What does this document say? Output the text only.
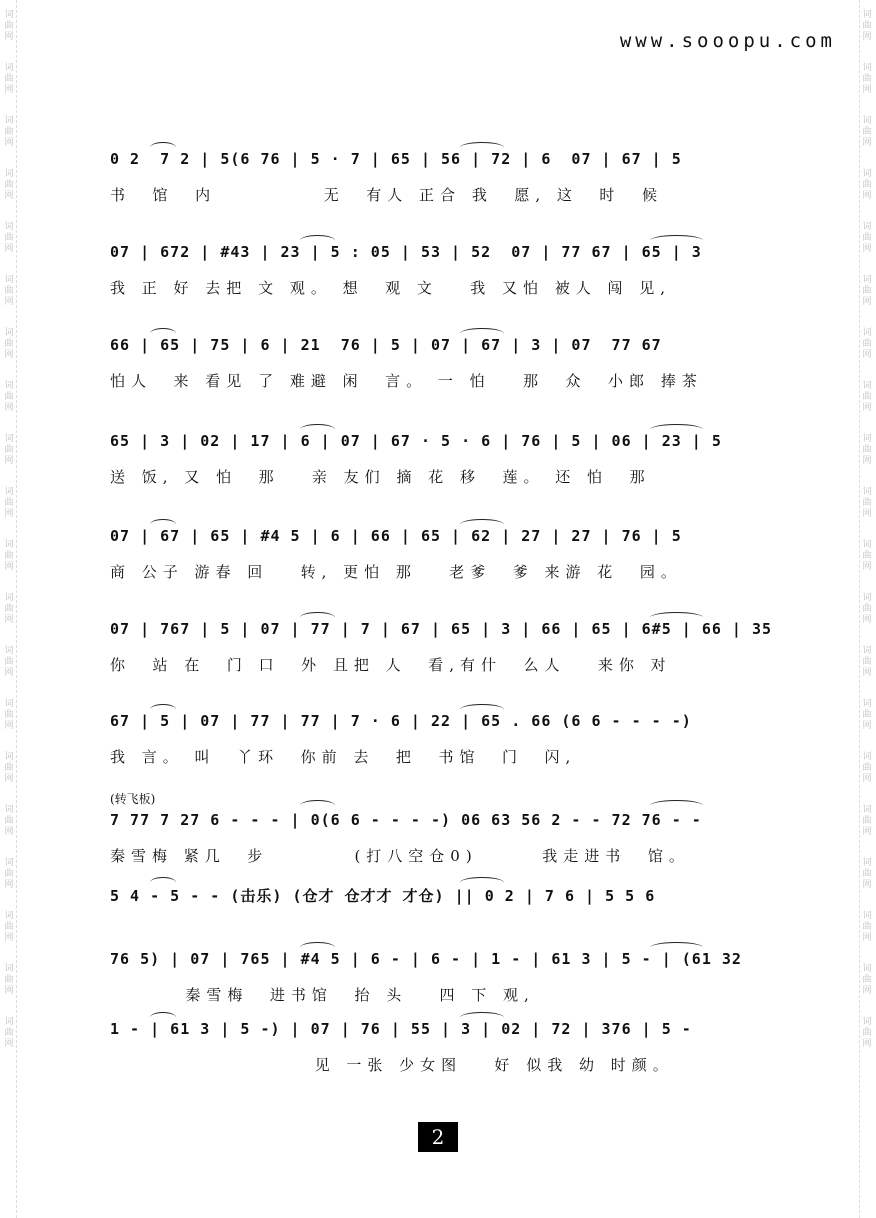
词
曲
网
词
曲
网
词
曲
网
词
曲
网
词
曲
网
词
曲
网
词
曲
网
词
曲
网
词
曲
网
词
曲
网
词
曲
网
词
曲
网
词
曲
网
词
曲
网
词
曲
网
词
曲
网
词
曲
网
词
曲
网
词
曲
网
词
曲
网
词
曲
网
词
曲
网
词
曲
网
词
曲
网
词
曲
网
词
曲
网
词
曲
网
词
曲
网
词
曲
网
词
曲
网
词
曲
网
词
曲
网
词
曲
网
词
曲
网
词
曲
网
词
曲
网
词
曲
网
词
曲
网
词
曲
网
词
曲
网
www.sooopu.com
0 2  7 2 | 5(6 76 | 5 · 7 | 65 | 56 | 72 | 6  07 | 67 | 5
书  馆  内          无  有人 正合 我  愿, 这  时  候
07 | 672 | #43 | 23 | 5 : 05 | 53 | 52  07 | 77 67 | 65 | 3
我 正 好 去把 文 观。 想  观 文   我 又怕 被人 闯 见,
66 | 65 | 75 | 6 | 21  76 | 5 | 07 | 67 | 3 | 07  77 67
怕人  来 看见 了 难避 闲  言。 一 怕   那  众  小郎 捧茶
65 | 3 | 02 | 17 | 6 | 07 | 67 · 5 · 6 | 76 | 5 | 06 | 23 | 5
送 饭, 又 怕  那   亲 友们 摘 花 移  莲。 还 怕  那
07 | 67 | 65 | #4 5 | 6 | 66 | 65 | 62 | 27 | 27 | 76 | 5
商 公子 游春 回   转, 更怕 那   老爹  爹 来游 花  园。
07 | 767 | 5 | 07 | 77 | 7 | 67 | 65 | 3 | 66 | 65 | 6#5 | 66 | 35
你  站 在  门 口  外 且把 人  看,有什  么人   来你 对
67 | 5 | 07 | 77 | 77 | 7 · 6 | 22 | 65 . 66 (6 6 - - - -)
我 言。 叫  丫环  你前 去  把  书馆  门  闪,
(转飞板)
7 77 7 27 6 - - - | 0(6 6 - - - -) 06 63 56 2 - - 72 76 - -
秦雪梅 紧几  步        (打八空仓0)      我走进书  馆。
5 4 - 5 - - (击乐) (仓才 仓才才 才仓) || 0 2 | 7 6 | 5 5 6
76 5) | 07 | 765 | #4 5 | 6 - | 6 - | 1 - | 61 3 | 5 - | (61 32
秦雪梅  进书馆  抬 头   四 下 观,
1 - | 61 3 | 5 -) | 07 | 76 | 55 | 3 | 02 | 72 | 376 | 5 -
见 一张 少女图   好 似我 幼 时颜。
2
